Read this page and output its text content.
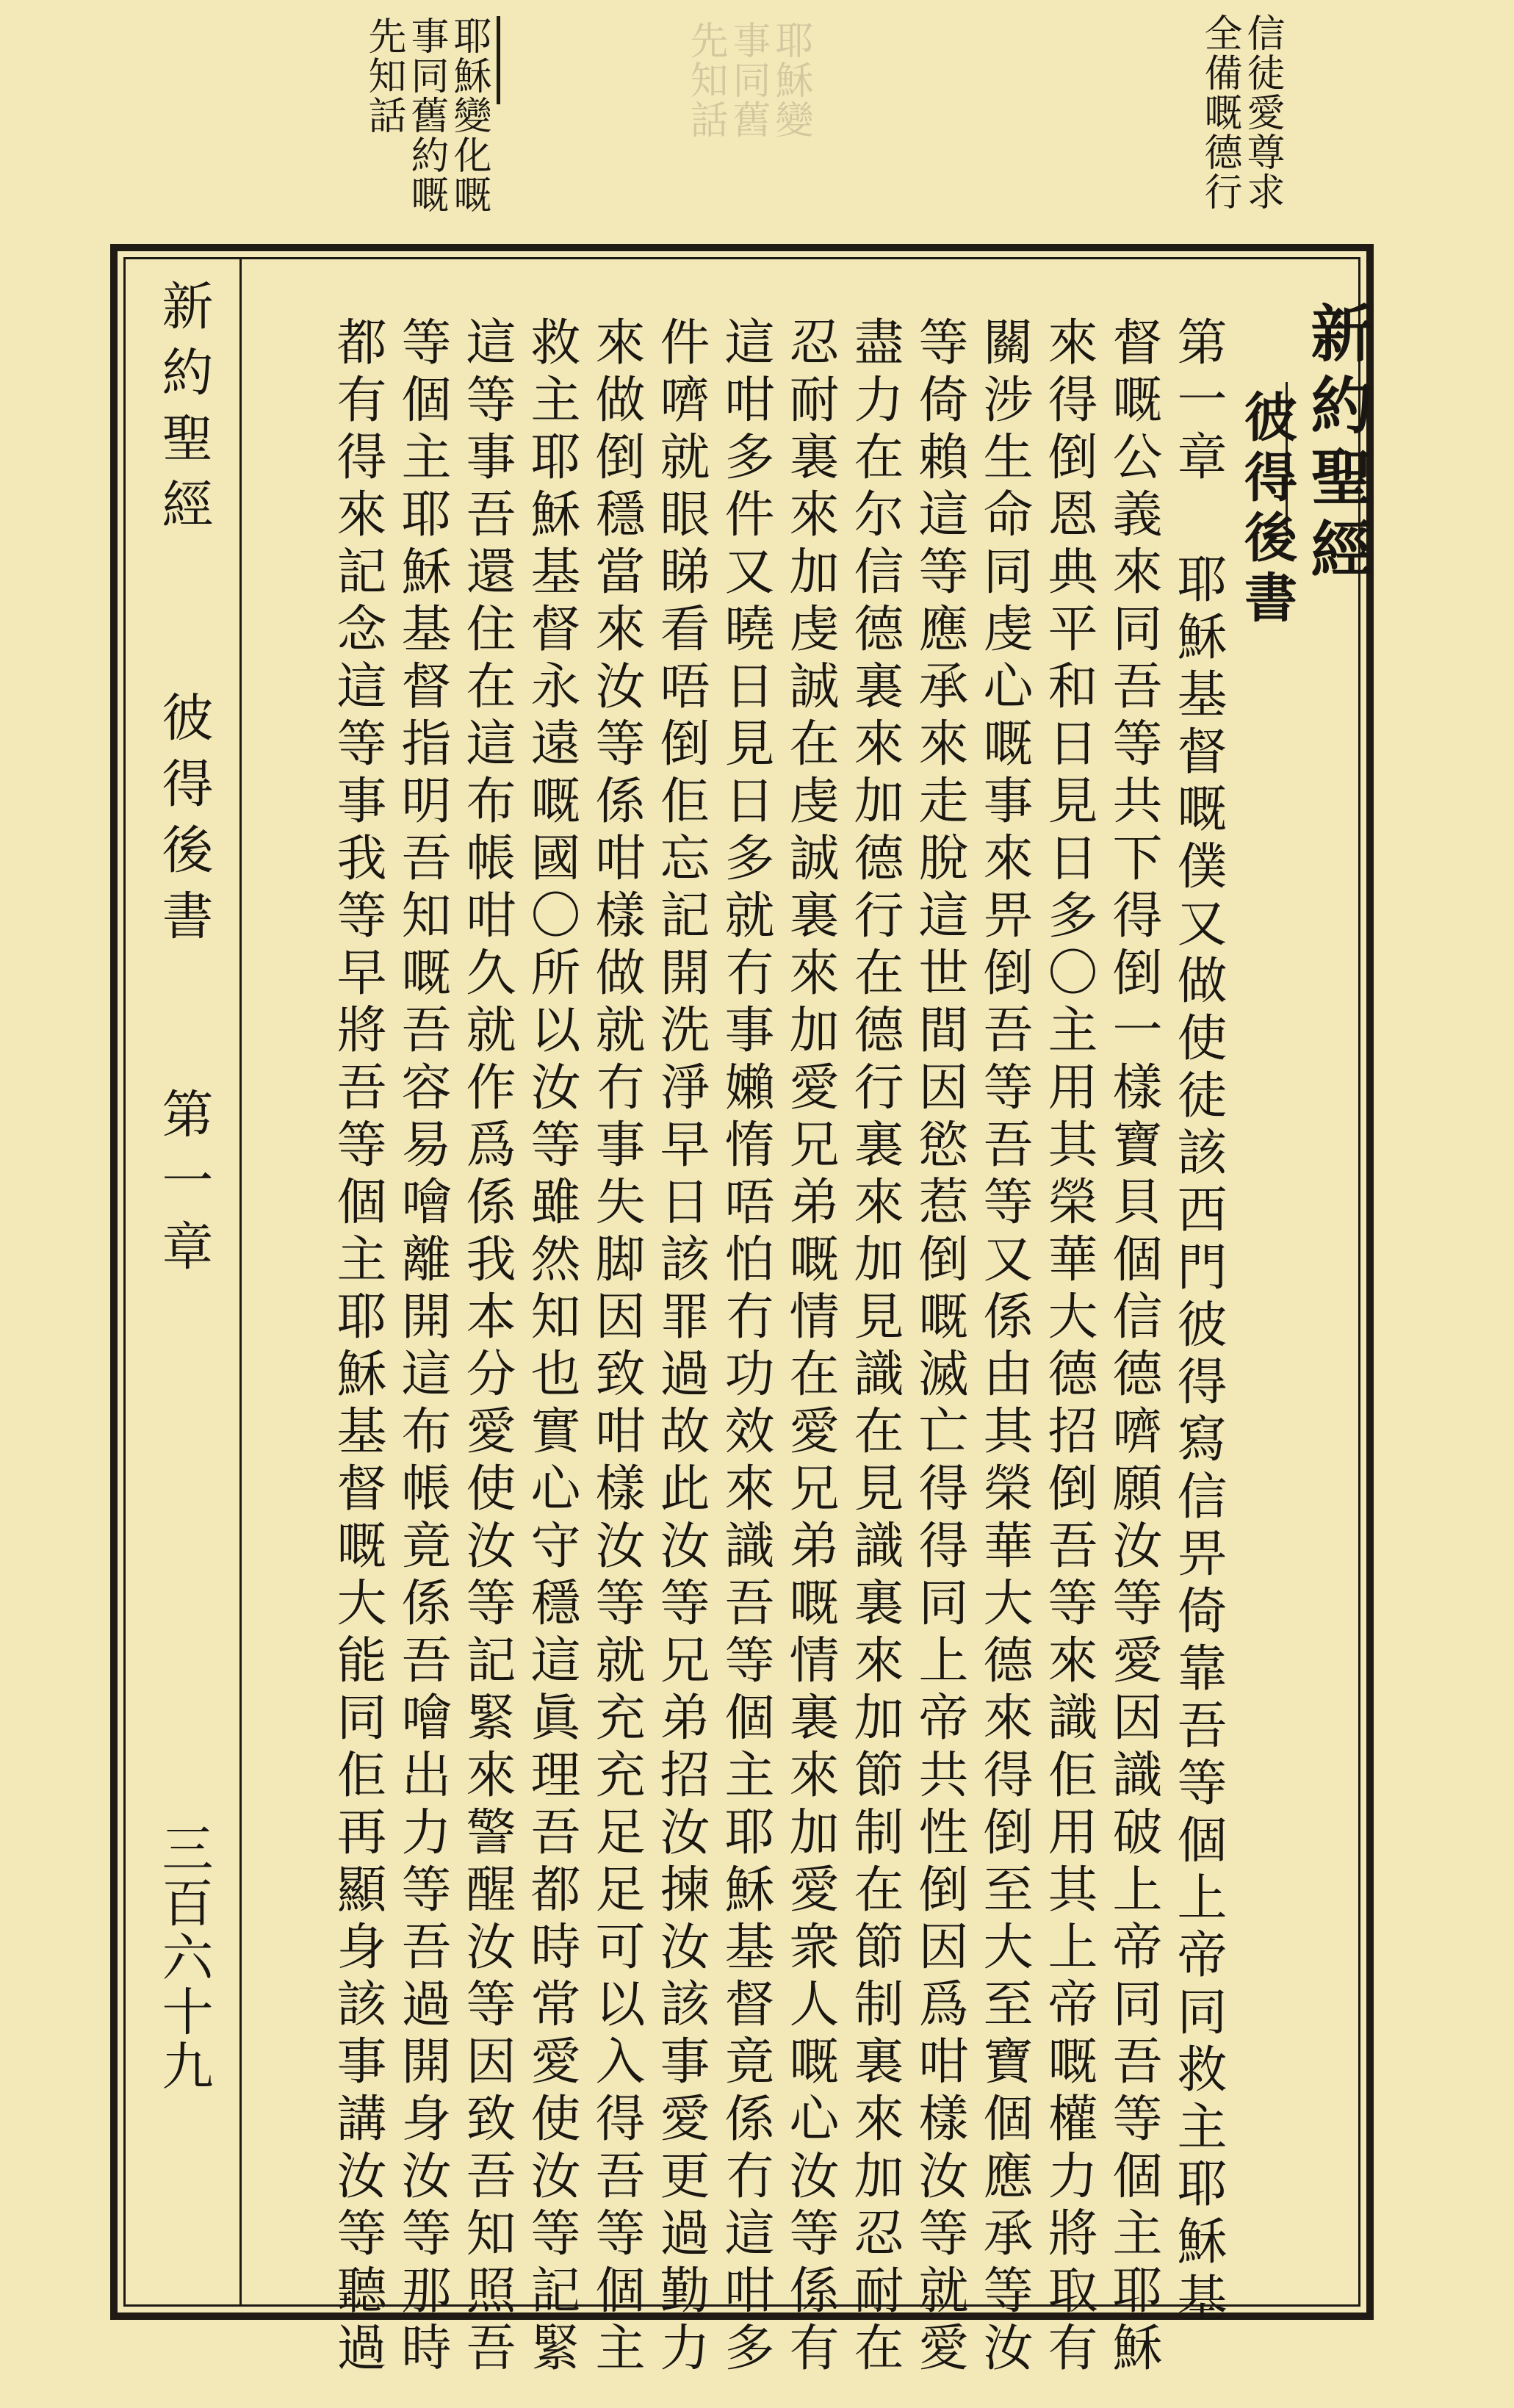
信徒愛尊求
全備嘅德行
耶穌變
事同舊
先知話
耶穌變化嘅
事同舊約嘅
先知話
新約聖經
彼得後書
第一章 耶穌基督嘅僕又做使徒該西門彼得寫信畀倚靠吾等個上帝同救主耶穌基
督嘅公義來同吾等共下得倒一樣寶貝個信德嚌願汝等愛因識破上帝同吾等個主耶穌
來得倒恩典平和日見日多〇主用其榮華大德招倒吾等來識佢用其上帝嘅權力將取有
關涉生命同虔心嘅事來畀倒吾等吾等又係由其榮華大德來得倒至大至寶個應承等汝
等倚賴這等應承來走脫這世間因慾惹倒嘅滅亡得得同上帝共性倒因爲咁樣汝等就愛
盡力在尔信德裏來加德行在德行裏來加見識在見識裏來加節制在節制裏來加忍耐在
忍耐裏來加虔誠在虔誠裏來加愛兄弟嘅情在愛兄弟嘅情裏來加愛衆人嘅心汝等係有
這咁多件又曉日見日多就冇事嬾惰唔怕冇功效來識吾等個主耶穌基督竟係冇這咁多
件嚌就眼睇看唔倒佢忘記開洗淨早日該罪過故此汝等兄弟招汝揀汝該事愛更過勤力
來做倒穩當來汝等係咁樣做就冇事失脚因致咁樣汝等就充充足足可以入得吾等個主
救主耶穌基督永遠嘅國〇所以汝等雖然知也實心守穩這眞理吾都時常愛使汝等記緊
這等事吾還住在這布帳咁久就作爲係我本分愛使汝等記緊來警醒汝等因致吾知照吾
等個主耶穌基督指明吾知嘅吾容易噲離開這布帳竟係吾噲出力等吾過開身汝等那時
都有得來記念這等事我等早將吾等個主耶穌基督嘅大能同佢再顯身該事講汝等聽過
新約聖經
彼得後書
第一章
三百六十九
